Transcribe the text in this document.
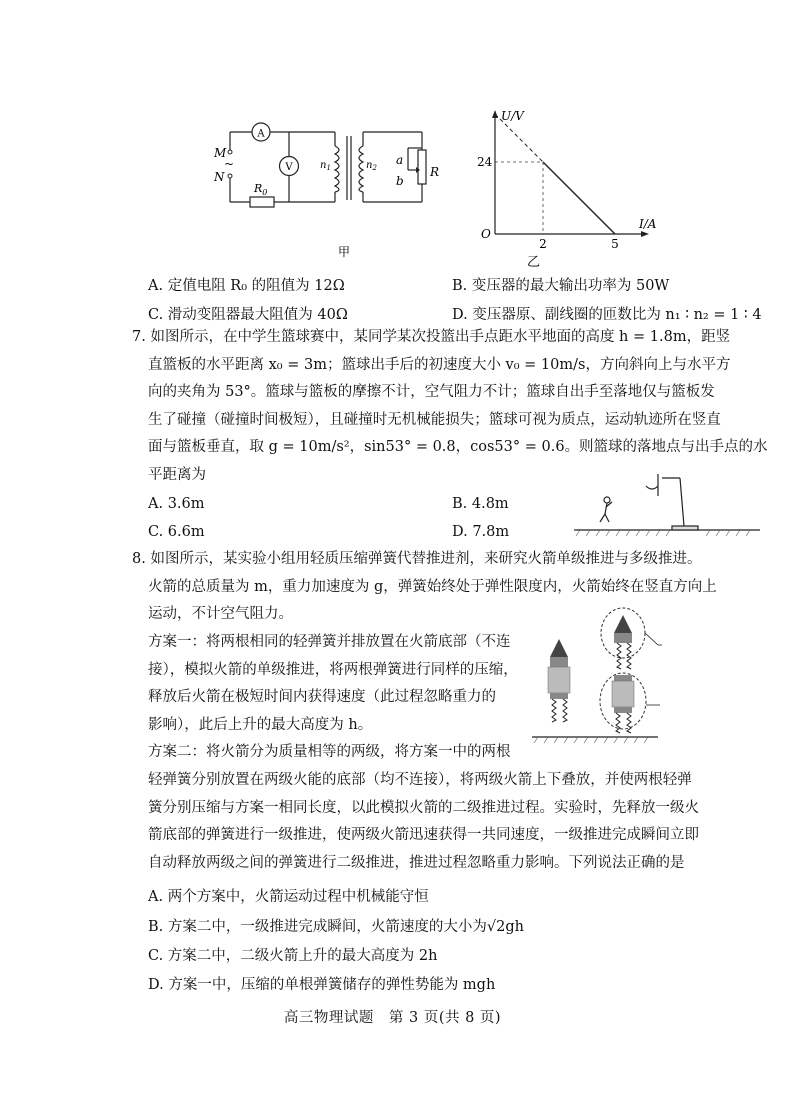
A
V
M
~
N
$R_0$
$n_1$	$n_2$
a
b
R
甲
U/V
I/A
O
24
2	5
乙
A. 定值电阻 R₀ 的阻值为 12Ω	B. 变压器的最大输出功率为 50W
C. 滑动变阻器最大阻值为 40Ω	D. 变压器原、副线圈的匝数比为 n₁ ∶ n₂ = 1 ∶ 4
7. 如图所示，在中学生篮球赛中，某同学某次投篮出手点距水平地面的高度 h = 1.8m，距竖
直篮板的水平距离 x₀ = 3m；篮球出手后的初速度大小 v₀ = 10m/s，方向斜向上与水平方
向的夹角为 53°。篮球与篮板的摩擦不计，空气阻力不计；篮球自出手至落地仅与篮板发
生了碰撞（碰撞时间极短），且碰撞时无机械能损失；篮球可视为质点，运动轨迹所在竖直
面与篮板垂直，取 g = 10m/s²，sin53° = 0.8，cos53° = 0.6。则篮球的落地点与出手点的水
平距离为
A. 3.6m	B. 4.8m
C. 6.6m	D. 7.8m
8. 如图所示，某实验小组用轻质压缩弹簧代替推进剂，来研究火箭单级推进与多级推进。
火箭的总质量为 m，重力加速度为 g，弹簧始终处于弹性限度内，火箭始终在竖直方向上
运动，不计空气阻力。
方案一：将两根相同的轻弹簧并排放置在火箭底部（不连
接），模拟火箭的单级推进，将两根弹簧进行同样的压缩，
释放后火箭在极短时间内获得速度（此过程忽略重力的
影响），此后上升的最大高度为 h。
方案二：将火箭分为质量相等的两级，将方案一中的两根
轻弹簧分别放置在两级火能的底部（均不连接），将两级火箭上下叠放，并使两根轻弹
簧分别压缩与方案一相同长度，以此模拟火箭的二级推进过程。实验时，先释放一级火
箭底部的弹簧进行一级推进，使两级火箭迅速获得一共同速度，一级推进完成瞬间立即
自动释放两级之间的弹簧进行二级推进，推进过程忽略重力影响。下列说法正确的是
A. 两个方案中，火箭运动过程中机械能守恒
B. 方案二中，一级推进完成瞬间，火箭速度的大小为√2gh
C. 方案二中，二级火箭上升的最大高度为 2h
D. 方案一中，压缩的单根弹簧储存的弹性势能为 mgh
高三物理试题　第 3 页(共 8 页)
